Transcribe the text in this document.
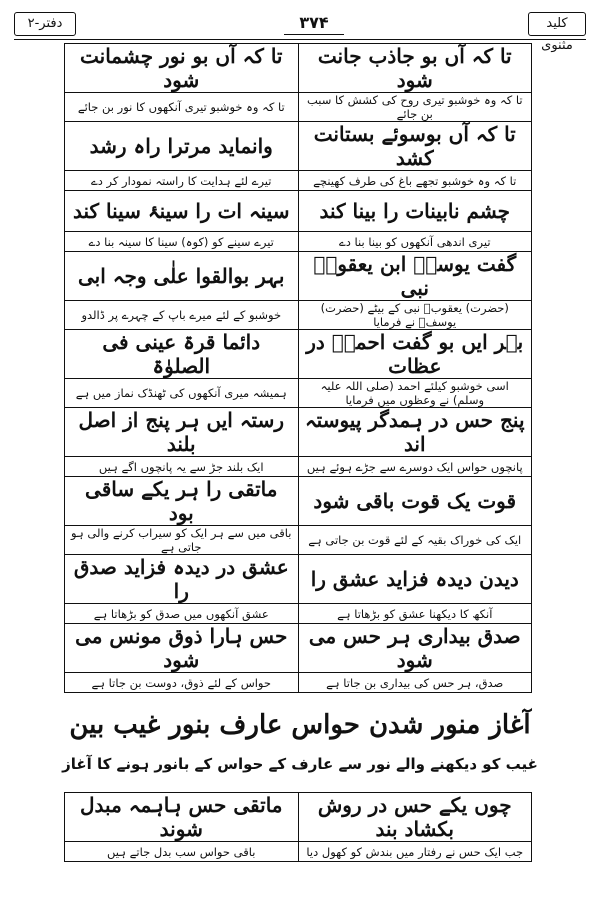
کلید مثنوی
۳۷۴
دفتر-۲
تا کہ آں بو جاذب جانت شود	تا کہ آں بو نور چشمانت شود
تا کہ وہ خوشبو تیری روح کی کشش کا سبب بن جائے	تا کہ وہ خوشبو تیری آنکھوں کا نور بن جائے
تا کہ آں بوسوئے بستانت کشد	وانماید مرترا راہ رشد
تا کہ وہ خوشبو تجھے باغ کی طرف کھینچے	تیرے لئے ہدایت کا راستہ نمودار کر دے
چشم نابینات را بینا کند	سینہ ات را سینۂ سینا کند
تیری اندھی آنکھوں کو بینا بنا دے	تیرے سینے کو (کوہ) سینا کا سینہ بنا دے
گفت یوسفؑ ابن یعقوبؑ نبی	بہر بوالقوا علٰی وجہ ابی
(حضرت) یعقوبؑ نبی کے بیٹے (حضرت) یوسفؑ نے فرمایا	خوشبو کے لئے میرے باپ کے چہرے پر ڈالدو
بہر ایں بو گفت احمدؐ در عظات	دائما قرۃ عینی فی الصلوٰۃ
اسی خوشبو کیلئے احمد (صلی اللہ علیہ وسلم) نے وعظوں میں فرمایا	ہمیشہ میری آنکھوں کی ٹھنڈک نماز میں ہے
پنج حس در ہمدگر پیوستہ اند	رستہ ایں ہر پنج از اصل بلند
پانچوں حواس ایک دوسرے سے جڑے ہوئے ہیں	ایک بلند جڑ سے یہ پانچوں اگے ہیں
قوت یک قوت باقی شود	ماتقی را ہر یکے ساقی بود
ایک کی خوراک بقیہ کے لئے قوت بن جاتی ہے	باقی میں سے ہر ایک کو سیراب کرنے والی ہو جاتی ہے
دیدن دیدہ فزاید عشق را	عشق در دیدہ فزاید صدق را
آنکھ کا دیکھنا عشق کو بڑھاتا ہے	عشق آنکھوں میں صدق کو بڑھاتا ہے
صدق بیداری ہر حس می شود	حس ہارا ذوق مونس می شود
صدق، ہر حس کی بیداری بن جاتا ہے	حواس کے لئے ذوق، دوست بن جاتا ہے
آغاز منور شدن حواس عارف بنور غیب بین
غیب کو دیکھنے والے نور سے عارف کے حواس کے بانور ہونے کا آغاز
چوں یکے حس در روش بکشاد بند	ماتقی حس ہاہمہ مبدل شوند
جب ایک حس نے رفتار میں بندش کو کھول دیا	باقی حواس سب بدل جاتے ہیں
